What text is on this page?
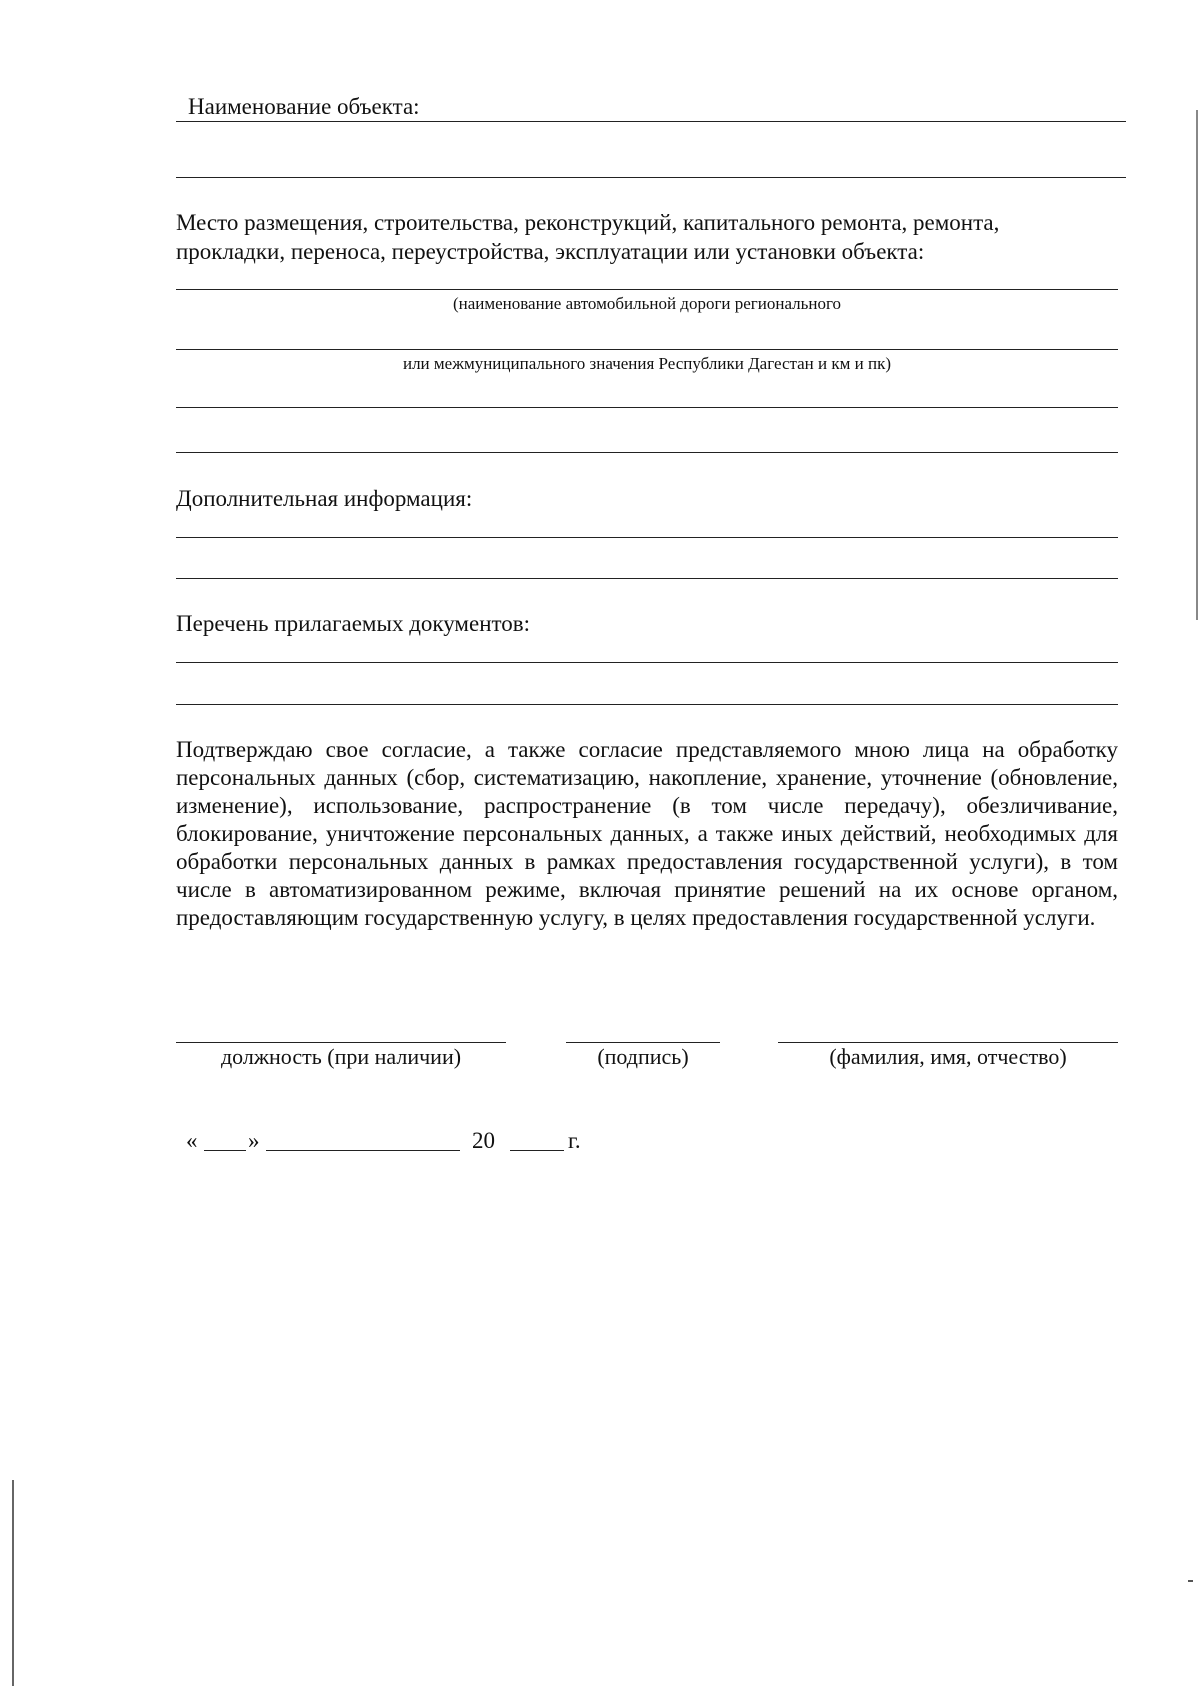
Наименование объекта:
Место размещения, строительства, реконструкций, капитального ремонта, ремонта,
прокладки, переноса, переустройства, эксплуатации или установки объекта:
(наименование автомобильной дороги регионального
или межмуниципального значения Республики Дагестан и км и пк)
Дополнительная информация:
Перечень прилагаемых документов:
Подтверждаю свое согласие, а также согласие представляемого мною лица на обработку персональных данных (сбор, систематизацию, накопление, хранение, уточнение (обновление, изменение), использование, распространение (в том числе передачу), обезличивание, блокирование, уничтожение персональных данных, а также иных действий, необходимых для обработки персональных данных в рамках предоставления государственной услуги), в том числе в автоматизированном режиме, включая принятие решений на их основе органом, предоставляющим государственную услугу, в целях предоставления государственной услуги.
должность (при наличии)	(подпись)	(фамилия, имя, отчество)
« »	20	г.
